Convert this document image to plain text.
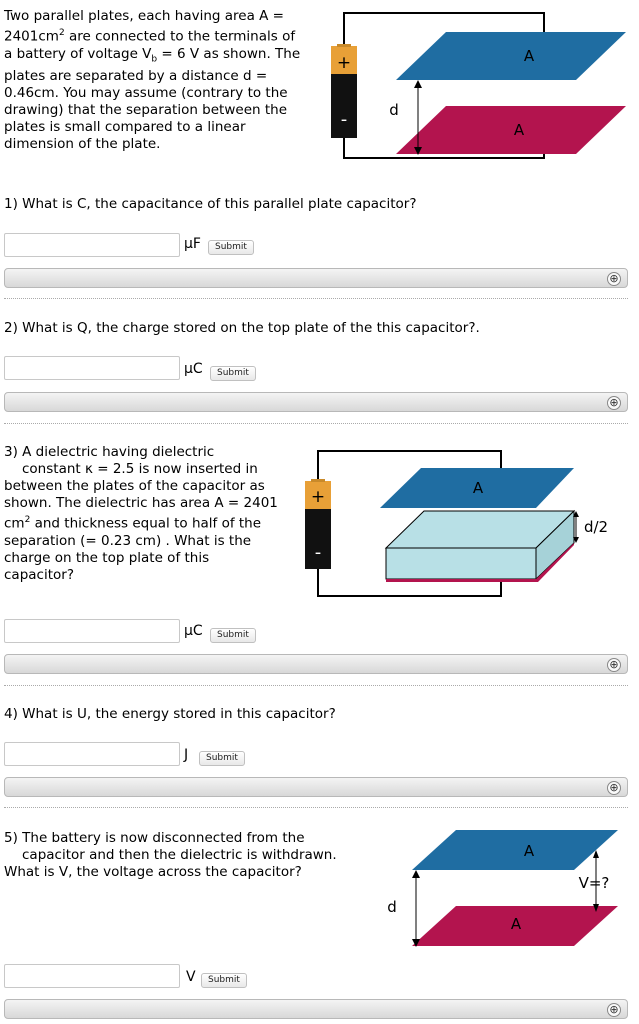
Two parallel plates, each having area A =
$2401cm^2$ are connected to the terminals of
a battery of voltage $V_b = 6$ V as shown. The
plates are separated by a distance d =
0.46cm. You may assume (contrary to the
drawing) that the separation between the
plates is small compared to a linear
dimension of the plate.
+
-
A
A
d
1) What is C, the capacitance of this parallel plate capacitor?
μF	Submit
⊕
2) What is Q, the charge stored on the top plate of the this capacitor?.
μC	Submit
⊕
3) A dielectric having dielectric
constant κ = 2.5 is now inserted in
between the plates of the capacitor as
shown. The dielectric has area A = 2401
$cm^2$ and thickness equal to half of the
separation (= 0.23 cm) . What is the
charge on the top plate of this
capacitor?
+
-
A
d/2
μC	Submit
⊕
4) What is U, the energy stored in this capacitor?
J	Submit
⊕
5) The battery is now disconnected from the
capacitor and then the dielectric is withdrawn.
What is V, the voltage across the capacitor?
A
A
d
V=?
V	Submit
⊕
